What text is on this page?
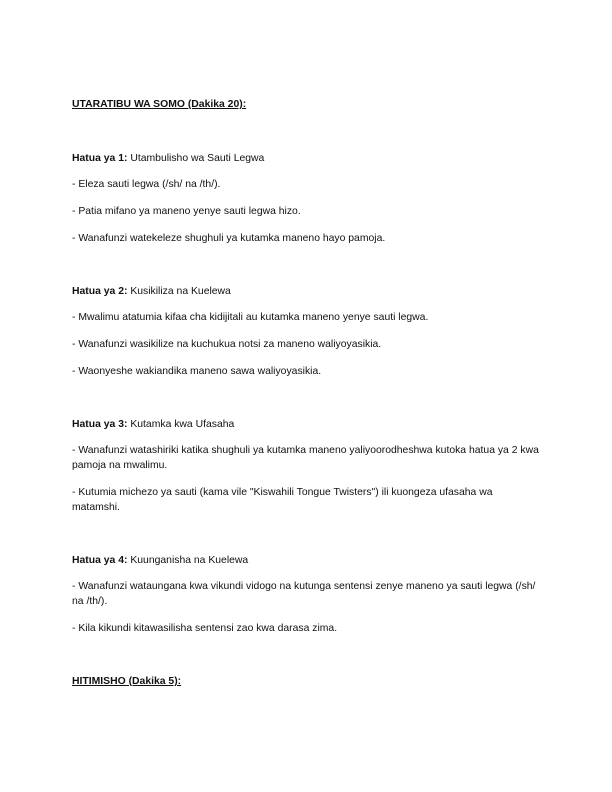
UTARATIBU WA SOMO (Dakika 20):

Hatua ya 1: Utambulisho wa Sauti Legwa

- Eleza sauti legwa (/sh/ na /th/).

- Patia mifano ya maneno yenye sauti legwa hizo.

- Wanafunzi watekeleze shughuli ya kutamka maneno hayo pamoja.

Hatua ya 2: Kusikiliza na Kuelewa

- Mwalimu atatumia kifaa cha kidijitali au kutamka maneno yenye sauti legwa.

- Wanafunzi wasikilize na kuchukua notsi za maneno waliyoyasikia.

- Waonyeshe wakiandika maneno sawa waliyoyasikia.

Hatua ya 3: Kutamka kwa Ufasaha

- Wanafunzi watashiriki katika shughuli ya kutamka maneno yaliyoorodheshwa kutoka hatua ya 2 kwa pamoja na mwalimu.

- Kutumia michezo ya sauti (kama vile "Kiswahili Tongue Twisters") ili kuongeza ufasaha wa matamshi.

Hatua ya 4: Kuunganisha na Kuelewa

- Wanafunzi wataungana kwa vikundi vidogo na kutunga sentensi zenye maneno ya sauti legwa (/sh/ na /th/).

- Kila kikundi kitawasilisha sentensi zao kwa darasa zima.

HITIMISHO (Dakika 5):
